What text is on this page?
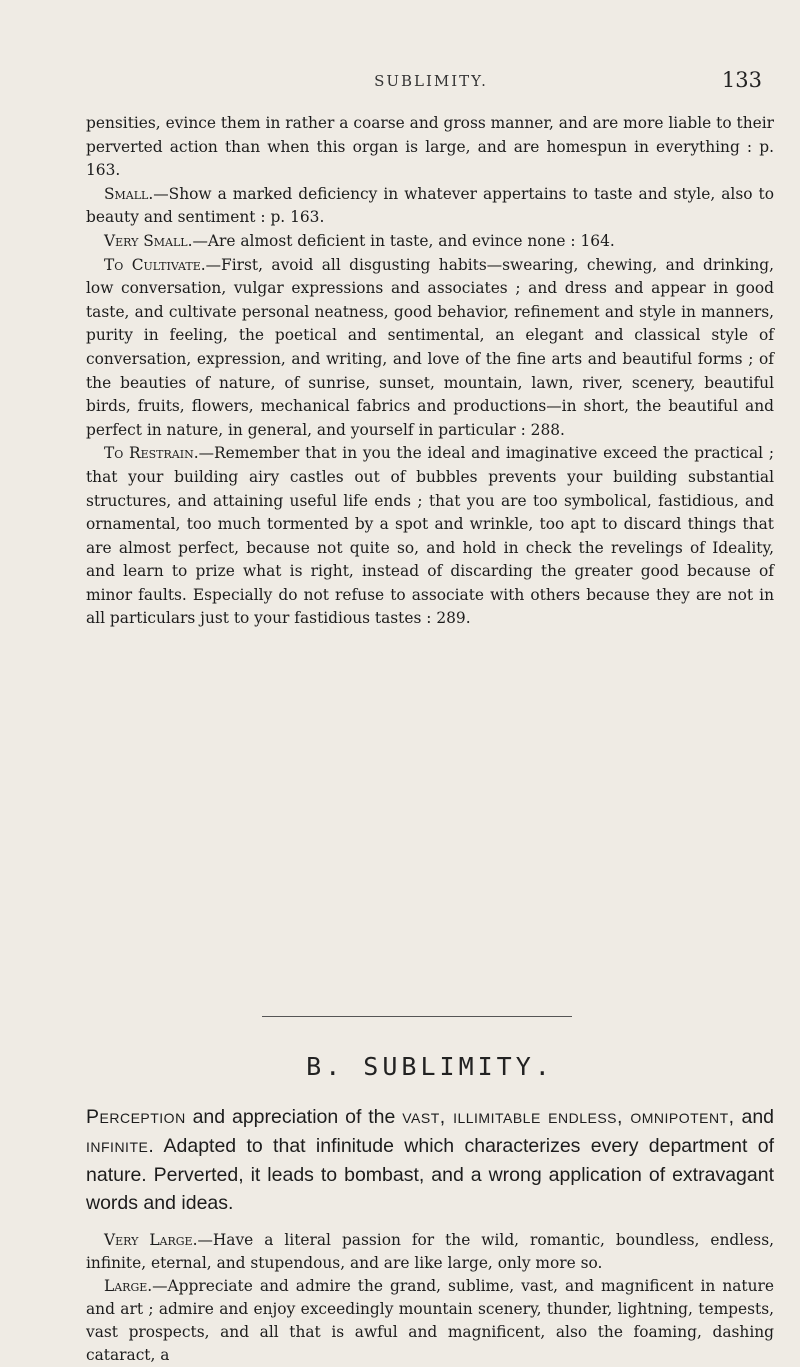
SUBLIMITY.	133

pensities, evince them in rather a coarse and gross manner, and are more liable to their perverted action than when this organ is large, and are homespun in everything : p. 163.

Small.—Show a marked deficiency in whatever appertains to taste and style, also to beauty and sentiment : p. 163.

Very Small.—Are almost deficient in taste, and evince none : 164.

To Cultivate.—First, avoid all disgusting habits—swearing, chewing, and drinking, low conversation, vulgar expressions and associates ; and dress and appear in good taste, and cultivate personal neatness, good behavior, refinement and style in manners, purity in feeling, the poetical and sentimental, an elegant and classical style of conversation, expression, and writing, and love of the fine arts and beautiful forms ; of the beauties of nature, of sunrise, sunset, mountain, lawn, river, scenery, beautiful birds, fruits, flowers, mechanical fabrics and productions—in short, the beautiful and perfect in nature, in general, and yourself in particular : 288.

To Restrain.—Remember that in you the ideal and imaginative exceed the practical ; that your building airy castles out of bubbles prevents your building substantial structures, and attaining useful life ends ; that you are too symbolical, fastidious, and ornamental, too much tormented by a spot and wrinkle, too apt to discard things that are almost perfect, because not quite so, and hold in check the revelings of Ideality, and learn to prize what is right, instead of discarding the greater good because of minor faults. Especially do not refuse to associate with others because they are not in all particulars just to your fastidious tastes : 289.

B. SUBLIMITY.
Perception and appreciation of the vast, illimitable endless, omnipotent, and infinite. Adapted to that infinitude which characterizes every department of nature. Perverted, it leads to bombast, and a wrong application of extravagant words and ideas.

Very Large.—Have a literal passion for the wild, romantic, boundless, endless, infinite, eternal, and stupendous, and are like large, only more so.

Large.—Appreciate and admire the grand, sublime, vast, and magnificent in nature and art ; admire and enjoy exceedingly mountain scenery, thunder, lightning, tempests, vast prospects, and all that is awful and magnificent, also the foaming, dashing cataract, a
